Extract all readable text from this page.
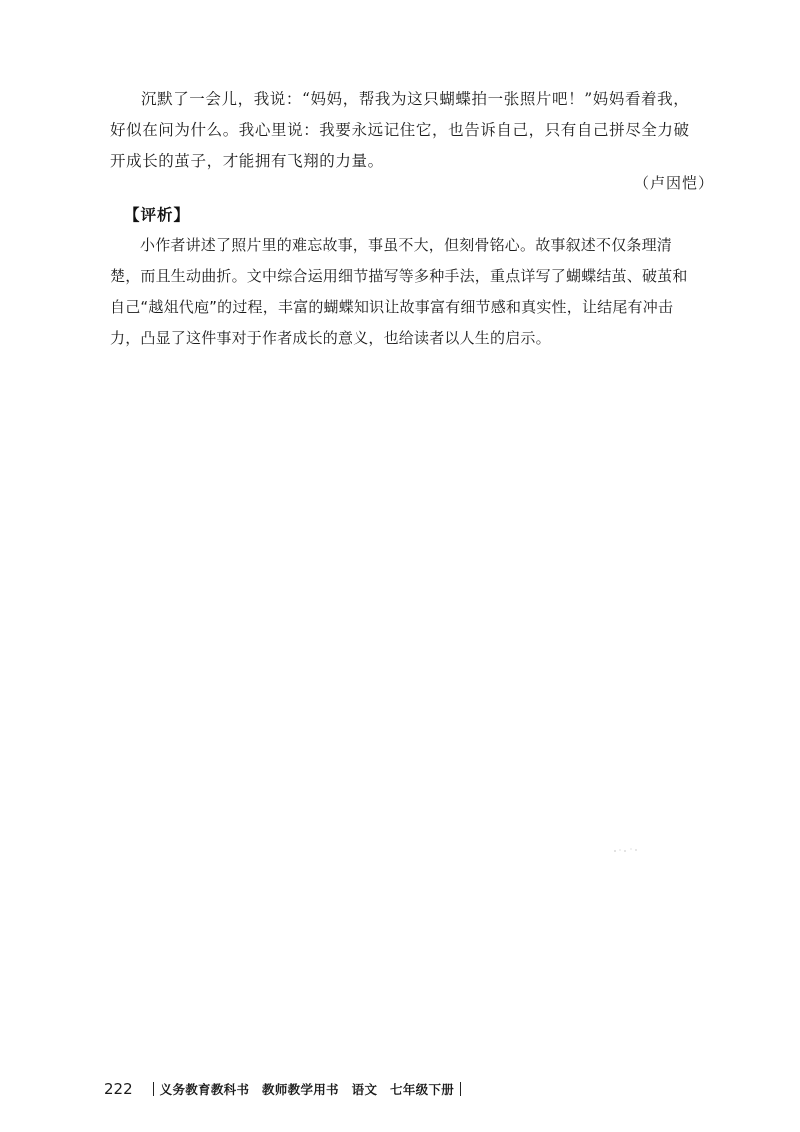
沉默了一会儿，我说：“妈妈，帮我为这只蝴蝶拍一张照片吧！”妈妈看着我，好似在问为什么。我心里说：我要永远记住它，也告诉自己，只有自己拼尽全力破开成长的茧子，才能拥有飞翔的力量。

（卢因恺）

【评析】

小作者讲述了照片里的难忘故事，事虽不大，但刻骨铭心。故事叙述不仅条理清楚，而且生动曲折。文中综合运用细节描写等多种手法，重点详写了蝴蝶结茧、破茧和自己“越俎代庖”的过程，丰富的蝴蝶知识让故事富有细节感和真实性，让结尾有冲击力，凸显了这件事对于作者成长的意义，也给读者以人生的启示。

222 义务教育教科书　教师教学用书　语文　七年级下册
